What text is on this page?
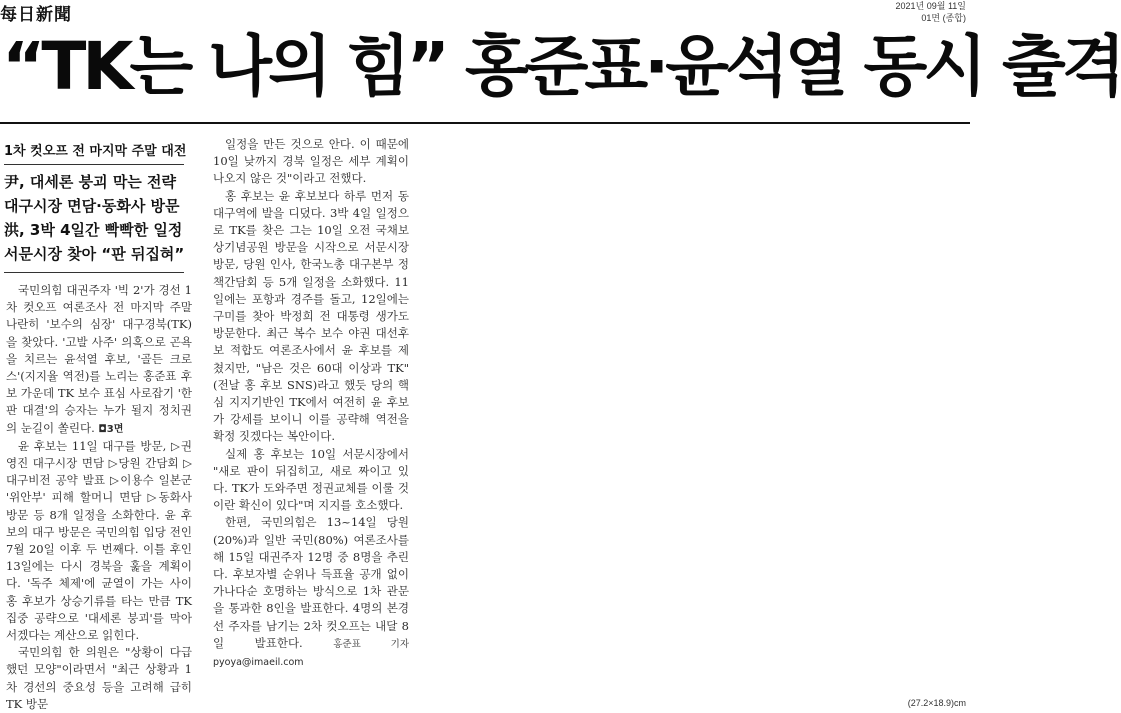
每日新聞	2021년 09월 11일
01면 (종합)
“TK는 나의 힘” 홍준표·윤석열 동시 출격
1차 컷오프 전 마지막 주말 대전
尹, 대세론 붕괴 막는 전략
대구시장 면담·동화사 방문
洪, 3박 4일간 빡빡한 일정
서문시장 찾아 “판 뒤집혀”

국민의힘 대권주자 '빅 2'가 경선 1차 컷오프 여론조사 전 마지막 주말 나란히 '보수의 심장' 대구경북(TK)을 찾았다. '고발 사주' 의혹으로 곤욕을 치르는 윤석열 후보, '골든 크로스'(지지율 역전)를 노리는 홍준표 후보 가운데 TK 보수 표심 사로잡기 '한판 대결'의 승자는 누가 될지 정치권의 눈길이 쏠린다. ◘3면

윤 후보는 11일 대구를 방문, ▷권영진 대구시장 면담 ▷당원 간담회 ▷대구비전 공약 발표 ▷이용수 일본군 '위안부' 피해 할머니 면담 ▷동화사 방문 등 8개 일정을 소화한다. 윤 후보의 대구 방문은 국민의힘 입당 전인 7월 20일 이후 두 번째다. 이틀 후인 13일에는 다시 경북을 훑을 계획이다. '독주 체제'에 균열이 가는 사이 홍 후보가 상승기류를 타는 만큼 TK 집중 공략으로 '대세론 붕괴'를 막아서겠다는 계산으로 읽힌다.

국민의힘 한 의원은 "상황이 다급했던 모양"이라면서 "최근 상황과 1차 경선의 중요성 등을 고려해 급히 TK 방문

일정을 만든 것으로 안다. 이 때문에 10일 낮까지 경북 일정은 세부 계획이 나오지 않은 것"이라고 전했다.

홍 후보는 윤 후보보다 하루 먼저 동대구역에 발을 디뎠다. 3박 4일 일정으로 TK를 찾은 그는 10일 오전 국채보상기념공원 방문을 시작으로 서문시장 방문, 당원 인사, 한국노총 대구본부 정책간담회 등 5개 일정을 소화했다. 11일에는 포항과 경주를 돌고, 12일에는 구미를 찾아 박정희 전 대통령 생가도 방문한다. 최근 복수 보수 야권 대선후보 적합도 여론조사에서 윤 후보를 제쳤지만, "남은 것은 60대 이상과 TK"(전날 홍 후보 SNS)라고 했듯 당의 핵심 지지기반인 TK에서 여전히 윤 후보가 강세를 보이니 이를 공략해 역전을 확정 짓겠다는 복안이다.

실제 홍 후보는 10일 서문시장에서 "새로 판이 뒤집히고, 새로 짜이고 있다. TK가 도와주면 정권교체를 이룰 것이란 확신이 있다"며 지지를 호소했다.

한편, 국민의힘은 13~14일 당원(20%)과 일반 국민(80%) 여론조사를 해 15일 대권주자 12명 중 8명을 추린다. 후보자별 순위나 득표율 공개 없이 가나다순 호명하는 방식으로 1차 관문을 통과한 8인을 발표한다. 4명의 본경선 주자를 남기는 2차 컷오프는 내달 8일 발표한다.	홍준표 기자 pyoya@imaeil.com

(27.2×18.9)cm
